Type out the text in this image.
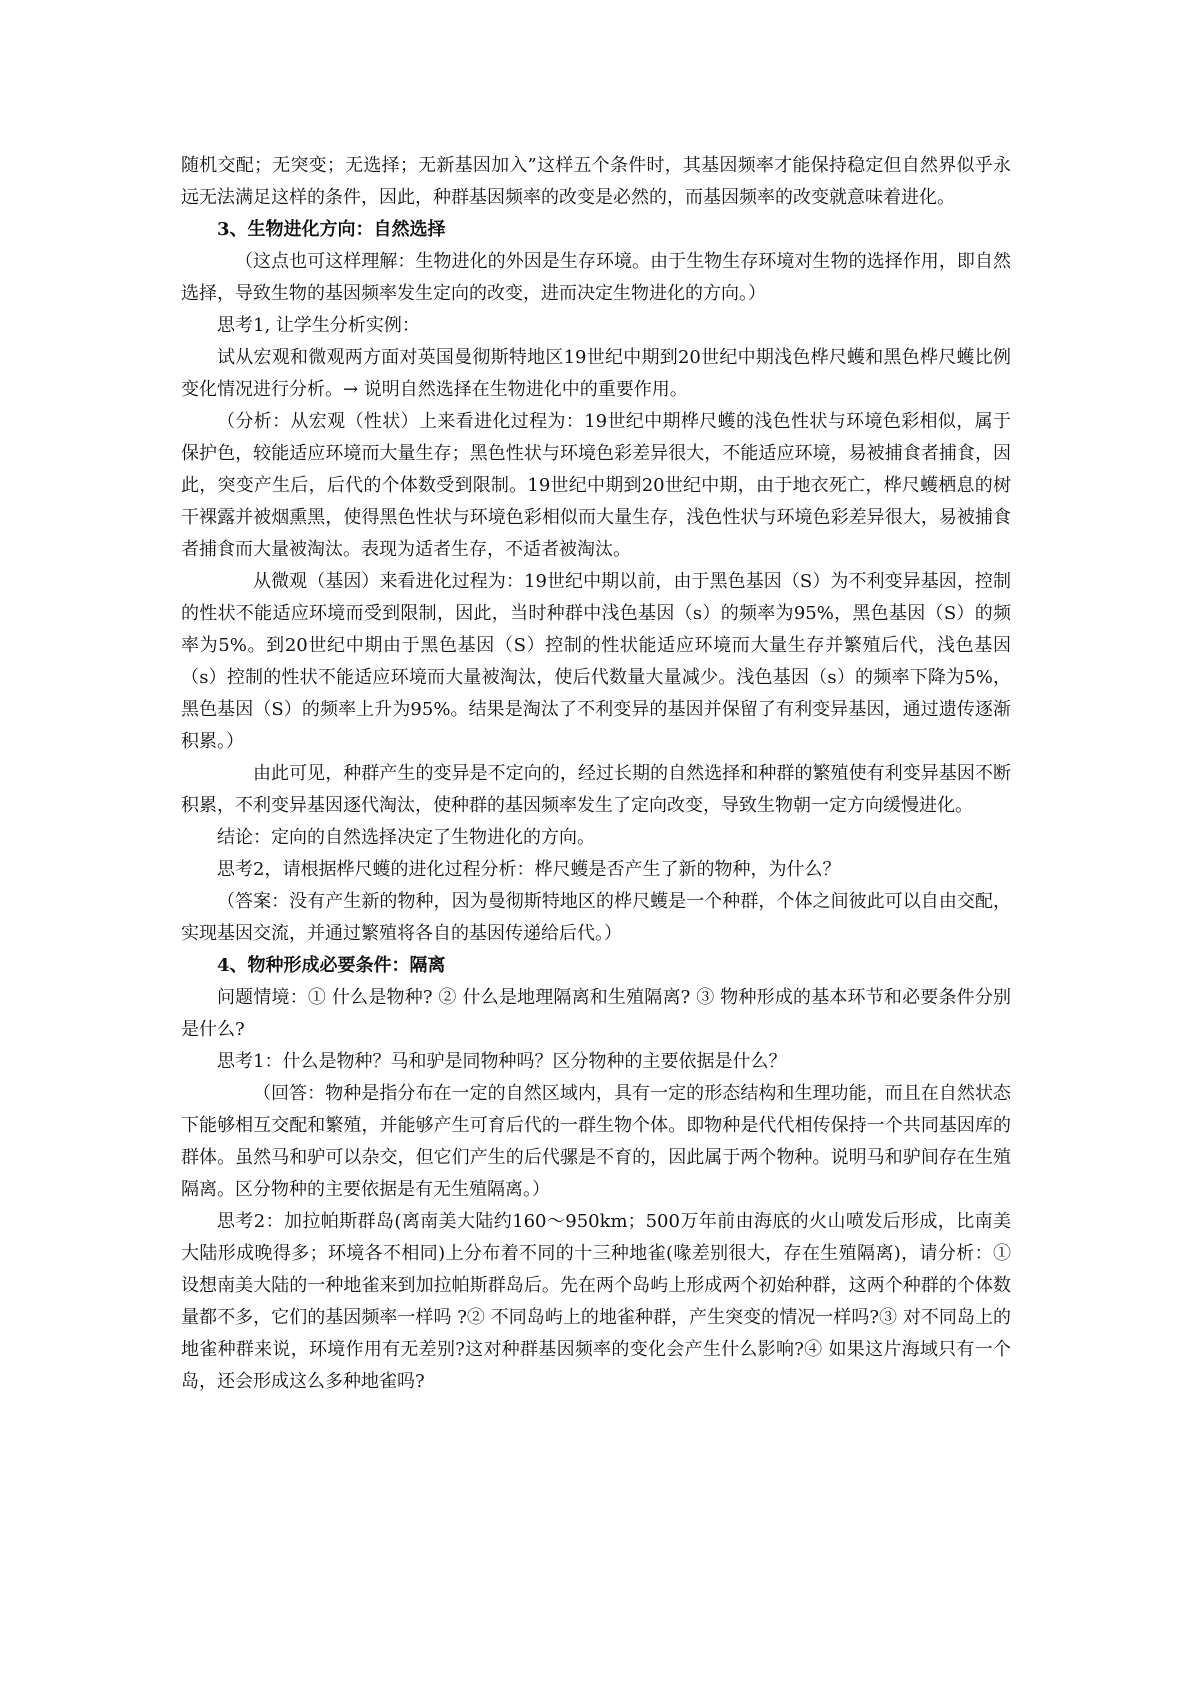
随机交配；无突变；无选择；无新基因加入”这样五个条件时，其基因频率才能保持稳定但自然界似乎永远无法满足这样的条件，因此，种群基因频率的改变是必然的，而基因频率的改变就意味着进化。

3、生物进化方向：自然选择

（这点也可这样理解：生物进化的外因是生存环境。由于生物生存环境对生物的选择作用，即自然选择，导致生物的基因频率发生定向的改变，进而决定生物进化的方向。）

思考1, 让学生分析实例：

试从宏观和微观两方面对英国曼彻斯特地区19世纪中期到20世纪中期浅色桦尺蠖和黑色桦尺蠖比例变化情况进行分析。→ 说明自然选择在生物进化中的重要作用。

（分析：从宏观（性状）上来看进化过程为：19世纪中期桦尺蠖的浅色性状与环境色彩相似，属于保护色，较能适应环境而大量生存；黑色性状与环境色彩差异很大，不能适应环境，易被捕食者捕食，因此，突变产生后，后代的个体数受到限制。19世纪中期到20世纪中期，由于地衣死亡，桦尺蠖栖息的树干裸露并被烟熏黑，使得黑色性状与环境色彩相似而大量生存，浅色性状与环境色彩差异很大，易被捕食者捕食而大量被淘汰。表现为适者生存，不适者被淘汰。

从微观（基因）来看进化过程为：19世纪中期以前，由于黑色基因（S）为不利变异基因，控制的性状不能适应环境而受到限制，因此，当时种群中浅色基因（s）的频率为95%，黑色基因（S）的频率为5%。到20世纪中期由于黑色基因（S）控制的性状能适应环境而大量生存并繁殖后代，浅色基因（s）控制的性状不能适应环境而大量被淘汰，使后代数量大量减少。浅色基因（s）的频率下降为5%，黑色基因（S）的频率上升为95%。结果是淘汰了不利变异的基因并保留了有利变异基因，通过遗传逐渐积累。）

由此可见，种群产生的变异是不定向的，经过长期的自然选择和种群的繁殖使有利变异基因不断积累，不利变异基因逐代淘汰，使种群的基因频率发生了定向改变，导致生物朝一定方向缓慢进化。

结论：定向的自然选择决定了生物进化的方向。

思考2，请根据桦尺蠖的进化过程分析：桦尺蠖是否产生了新的物种，为什么？

（答案：没有产生新的物种，因为曼彻斯特地区的桦尺蠖是一个种群，个体之间彼此可以自由交配，实现基因交流，并通过繁殖将各自的基因传递给后代。）

4、物种形成必要条件：隔离

问题情境：① 什么是物种? ② 什么是地理隔离和生殖隔离? ③ 物种形成的基本环节和必要条件分别是什么?

思考1：什么是物种？马和驴是同物种吗？区分物种的主要依据是什么？

（回答：物种是指分布在一定的自然区域内，具有一定的形态结构和生理功能，而且在自然状态下能够相互交配和繁殖，并能够产生可育后代的一群生物个体。即物种是代代相传保持一个共同基因库的群体。虽然马和驴可以杂交，但它们产生的后代骡是不育的，因此属于两个物种。说明马和驴间存在生殖隔离。区分物种的主要依据是有无生殖隔离。）

思考2：加拉帕斯群岛(离南美大陆约160～950km；500万年前由海底的火山喷发后形成，比南美大陆形成晚得多；环境各不相同)上分布着不同的十三种地雀(喙差别很大，存在生殖隔离)，请分析：①设想南美大陆的一种地雀来到加拉帕斯群岛后。先在两个岛屿上形成两个初始种群，这两个种群的个体数量都不多，它们的基因频率一样吗 ?② 不同岛屿上的地雀种群，产生突变的情况一样吗?③ 对不同岛上的地雀种群来说，环境作用有无差别?这对种群基因频率的变化会产生什么影响?④ 如果这片海域只有一个岛，还会形成这么多种地雀吗?
